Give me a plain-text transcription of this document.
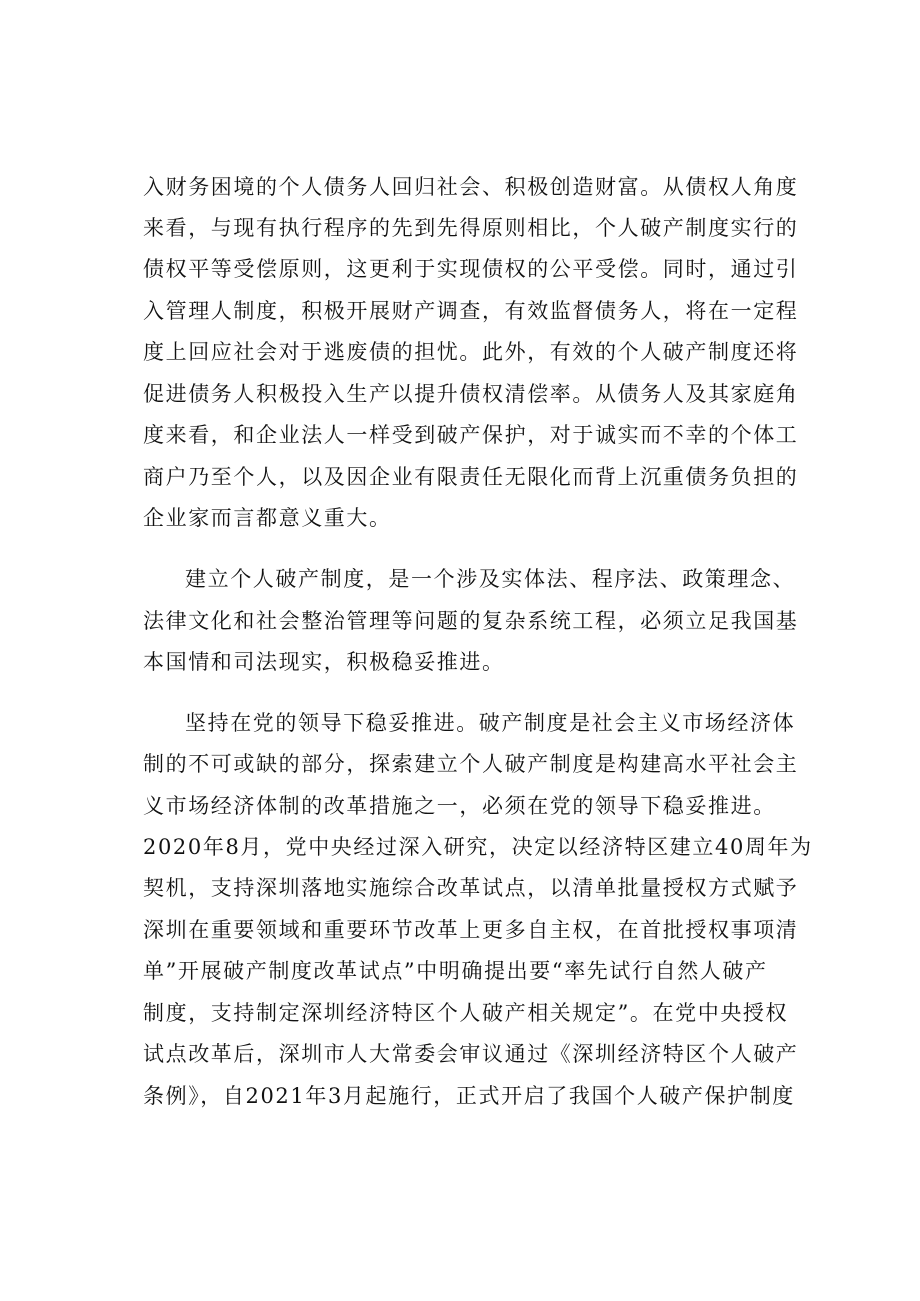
入财务困境的个人债务人回归社会、积极创造财富。从债权人角度
来看，与现有执行程序的先到先得原则相比，个人破产制度实行的
债权平等受偿原则，这更利于实现债权的公平受偿。同时，通过引
入管理人制度，积极开展财产调查，有效监督债务人，将在一定程
度上回应社会对于逃废债的担忧。此外，有效的个人破产制度还将
促进债务人积极投入生产以提升债权清偿率。从债务人及其家庭角
度来看，和企业法人一样受到破产保护，对于诚实而不幸的个体工
商户乃至个人，以及因企业有限责任无限化而背上沉重债务负担的
企业家而言都意义重大。
建立个人破产制度，是一个涉及实体法、程序法、政策理念、
法律文化和社会整治管理等问题的复杂系统工程，必须立足我国基
本国情和司法现实，积极稳妥推进。
坚持在党的领导下稳妥推进。破产制度是社会主义市场经济体
制的不可或缺的部分，探索建立个人破产制度是构建高水平社会主
义市场经济体制的改革措施之一，必须在党的领导下稳妥推进。
2020年8月，党中央经过深入研究，决定以经济特区建立40周年为
契机，支持深圳落地实施综合改革试点，以清单批量授权方式赋予
深圳在重要领域和重要环节改革上更多自主权，在首批授权事项清
单”开展破产制度改革试点”中明确提出要“率先试行自然人破产
制度，支持制定深圳经济特区个人破产相关规定”。在党中央授权
试点改革后，深圳市人大常委会审议通过《深圳经济特区个人破产
条例》，自2021年3月起施行，正式开启了我国个人破产保护制度
